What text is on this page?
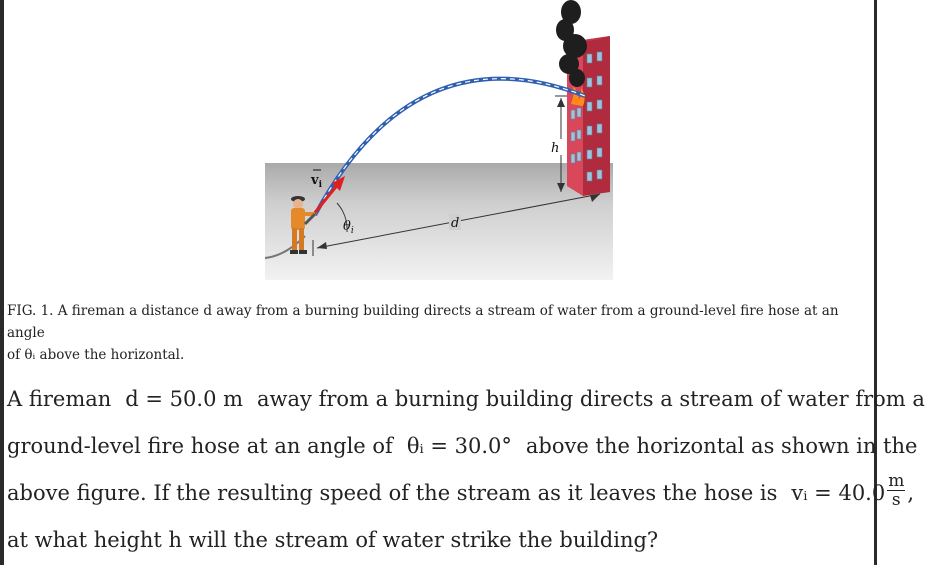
$v_i$
$\theta_i$	d
h
FIG. 1. A fireman a distance d away from a burning building directs a stream of water from a ground-level fire hose at an angle
of θᵢ above the horizontal.
A fireman d = 50.0 m away from a burning building directs a stream of water from a
ground-level fire hose at an angle of θᵢ = 30.0° above the horizontal as shown in the
above figure. If the resulting speed of the stream as it leaves the hose is vᵢ = $40.0 \frac{m}{s}$ ,
at what height h will the stream of water strike the building?
